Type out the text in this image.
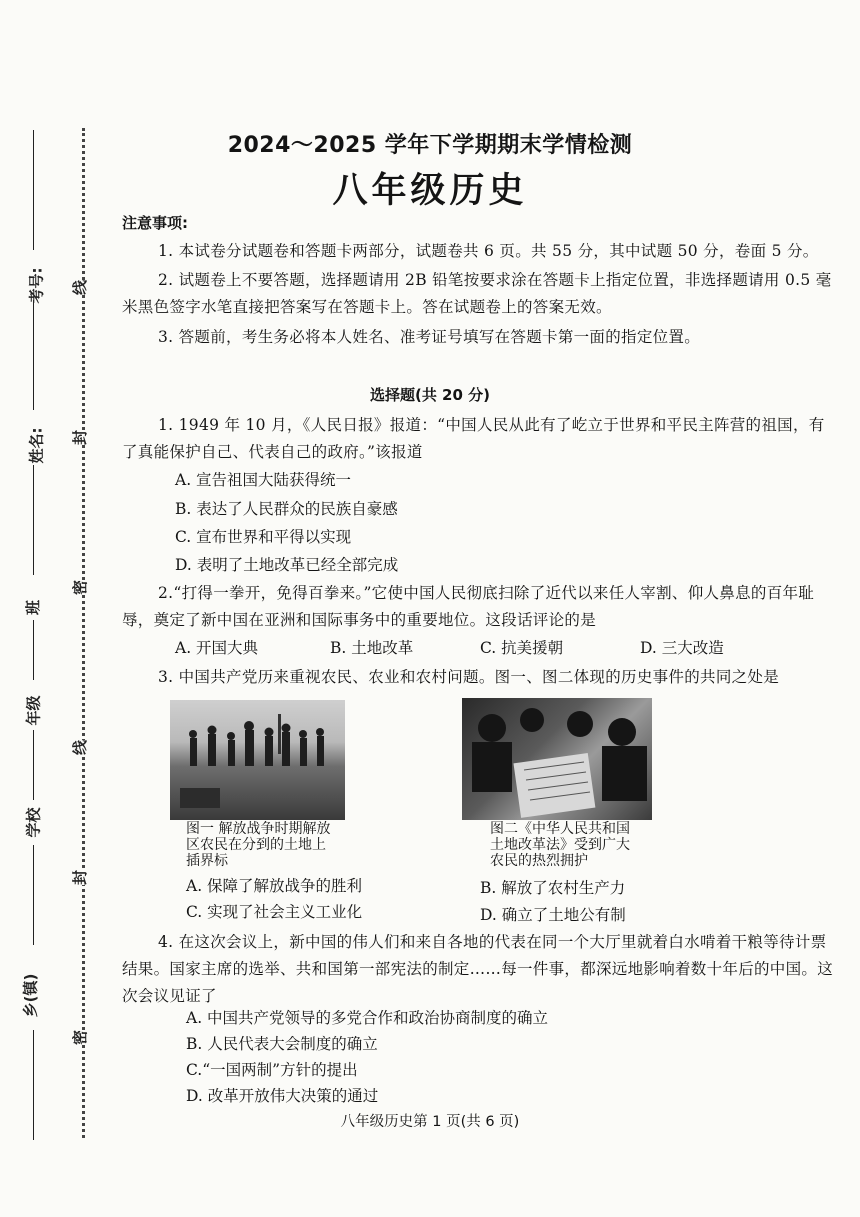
考号:
姓名:
班
年级
学校
乡(镇)
线
封
密
线
封
密
2024～2025 学年下学期期末学情检测
八年级历史
注意事项:
1. 本试卷分试题卷和答题卡两部分，试题卷共 6 页。共 55 分，其中试题 50 分，卷面 5 分。
2. 试题卷上不要答题，选择题请用 2B 铅笔按要求涂在答题卡上指定位置，非选择题请用 0.5 毫米黑色签字水笔直接把答案写在答题卡上。答在试题卷上的答案无效。
3. 答题前，考生务必将本人姓名、准考证号填写在答题卡第一面的指定位置。
选择题(共 20 分)
1. 1949 年 10 月，《人民日报》报道：“中国人民从此有了屹立于世界和平民主阵营的祖国，有了真能保护自己、代表自己的政府。”该报道
A. 宣告祖国大陆获得统一
B. 表达了人民群众的民族自豪感
C. 宣布世界和平得以实现
D. 表明了土地改革已经全部完成
2.“打得一拳开，免得百拳来。”它使中国人民彻底扫除了近代以来任人宰割、仰人鼻息的百年耻辱，奠定了新中国在亚洲和国际事务中的重要地位。这段话评论的是
A. 开国大典	B. 土地改革	C. 抗美援朝	D. 三大改造
3. 中国共产党历来重视农民、农业和农村问题。图一、图二体现的历史事件的共同之处是
图一 解放战争时期解放区农民在分到的土地上插界标
图二《中华人民共和国土地改革法》受到广大农民的热烈拥护
A. 保障了解放战争的胜利	B. 解放了农村生产力
C. 实现了社会主义工业化	D. 确立了土地公有制
4. 在这次会议上，新中国的伟人们和来自各地的代表在同一个大厅里就着白水啃着干粮等待计票结果。国家主席的选举、共和国第一部宪法的制定……每一件事，都深远地影响着数十年后的中国。这次会议见证了
A. 中国共产党领导的多党合作和政治协商制度的确立
B. 人民代表大会制度的确立
C.“一国两制”方针的提出
D. 改革开放伟大决策的通过
八年级历史第 1 页(共 6 页)
